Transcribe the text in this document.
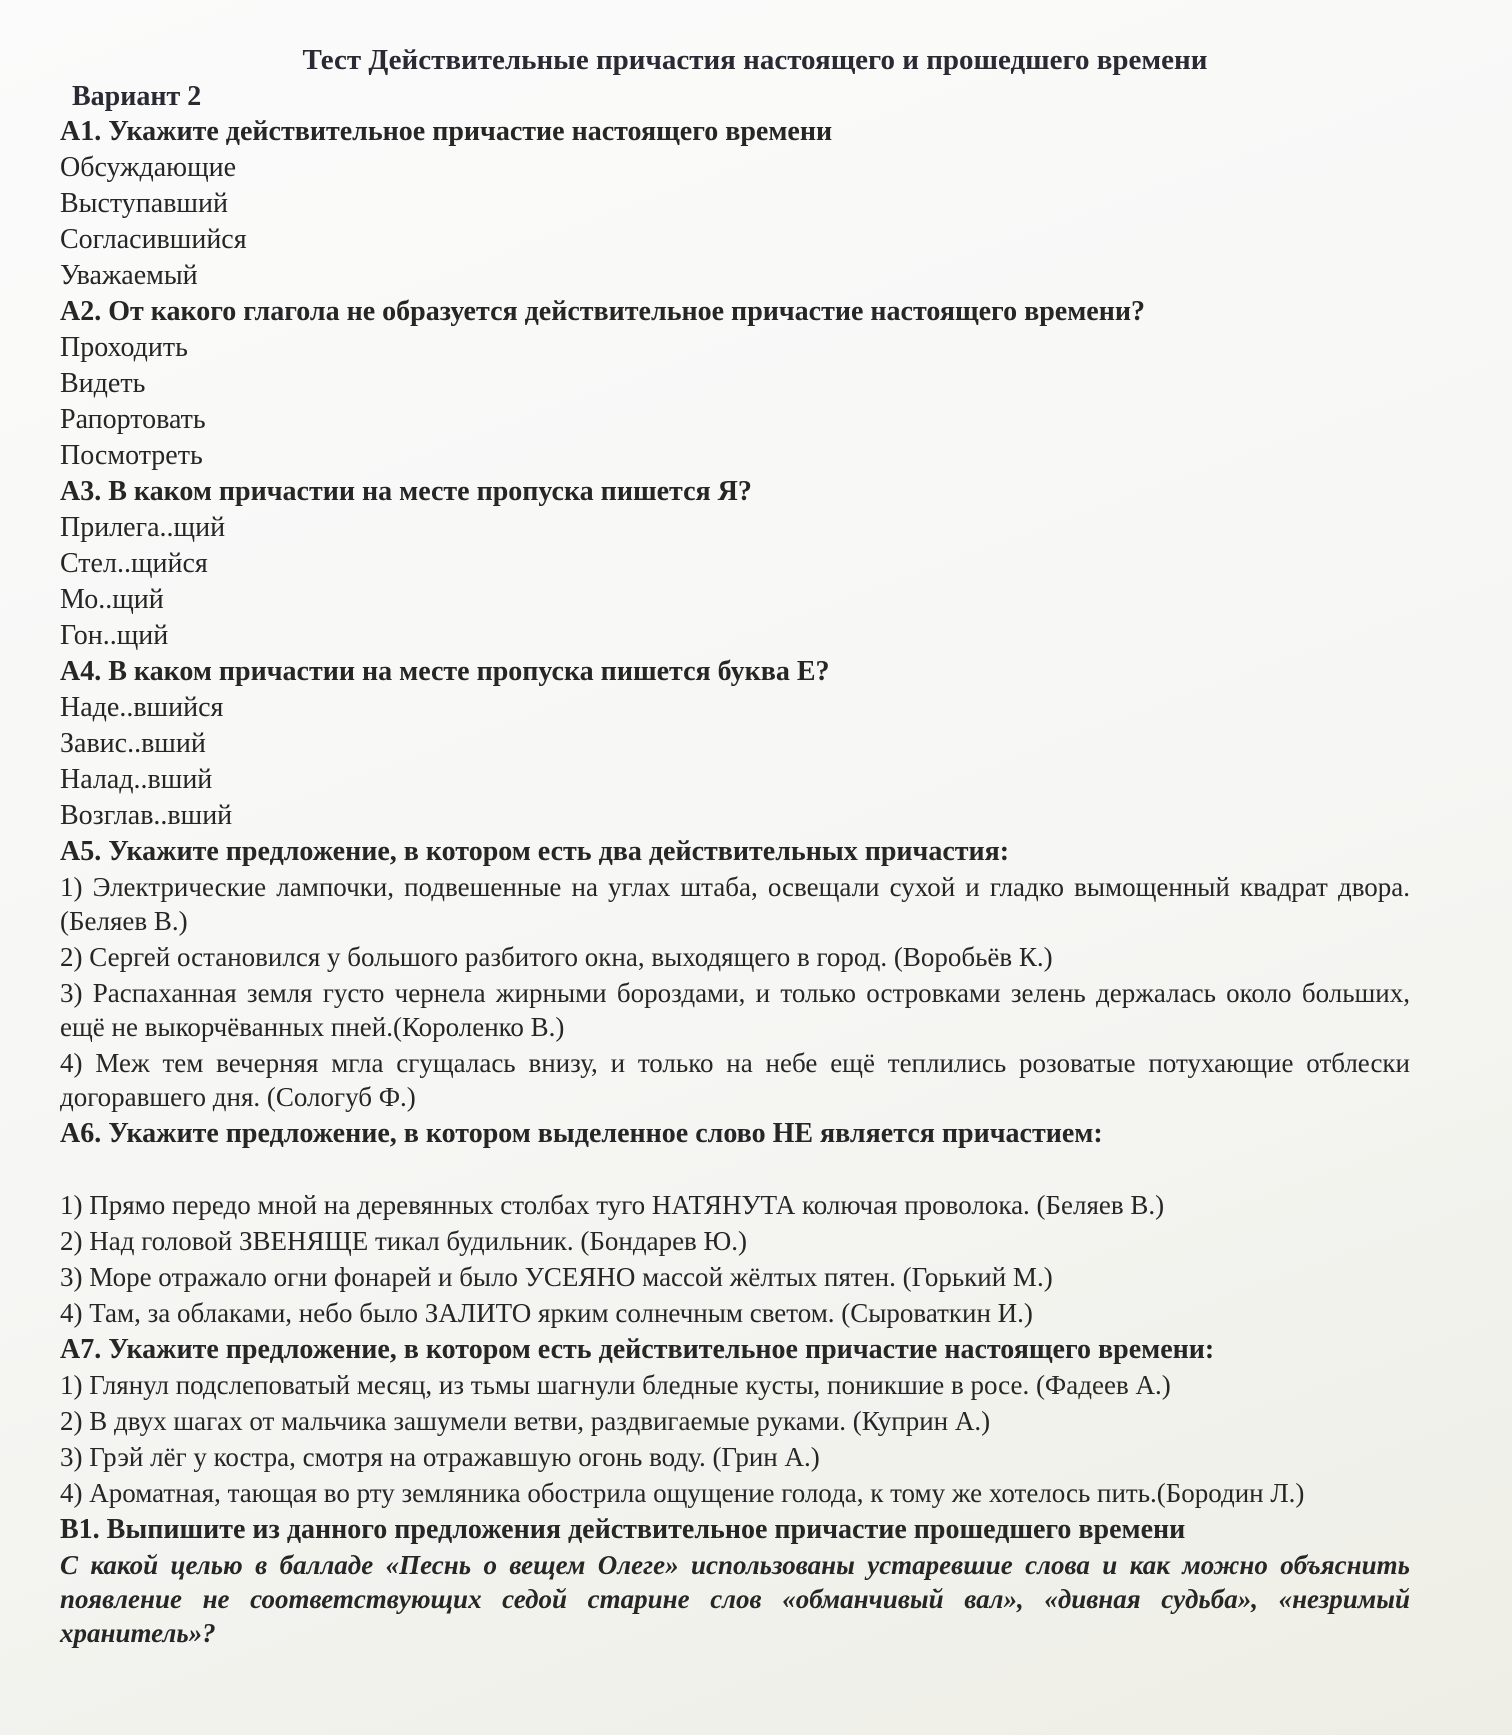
Тест Действительные причастия настоящего и прошедшего времени
Вариант 2
А1. Укажите действительное причастие настоящего времени
Обсуждающие
Выступавший
Согласившийся
Уважаемый
А2. От какого глагола не образуется действительное причастие настоящего времени?
Проходить
Видеть
Рапортовать
Посмотреть
А3. В каком причастии на месте пропуска пишется Я?
Прилега..щий
Стел..щийся
Мо..щий
Гон..щий
А4. В каком причастии на месте пропуска пишется буква Е?
Наде..вшийся
Завис..вший
Налад..вший
Возглав..вший
А5. Укажите предложение, в котором есть два действительных причастия:
1) Электрические лампочки, подвешенные на углах штаба, освещали сухой и гладко вымощенный квадрат двора. (Беляев В.)
2) Сергей остановился у большого разбитого окна, выходящего в город. (Воробьёв К.)
3) Распаханная земля густо чернела жирными бороздами, и только островками зелень держалась около больших, ещё не выкорчёванных пней.(Короленко В.)
4) Меж тем вечерняя мгла сгущалась внизу, и только на небе ещё теплились розоватые потухающие отблески догоравшего дня. (Сологуб Ф.)
А6. Укажите предложение, в котором выделенное слово НЕ является причастием:
1) Прямо передо мной на деревянных столбах туго НАТЯНУТА колючая проволока. (Беляев В.)
2) Над головой ЗВЕНЯЩЕ тикал будильник. (Бондарев Ю.)
3) Море отражало огни фонарей и было УСЕЯНО массой жёлтых пятен. (Горький М.)
4) Там, за облаками, небо было ЗАЛИТО ярким солнечным светом. (Сыроваткин И.)
А7. Укажите предложение, в котором есть действительное причастие настоящего времени:
1) Глянул подслеповатый месяц, из тьмы шагнули бледные кусты, поникшие в росе. (Фадеев А.)
2) В двух шагах от мальчика зашумели ветви, раздвигаемые руками. (Куприн А.)
3) Грэй лёг у костра, смотря на отражавшую огонь воду. (Грин А.)
4) Ароматная, тающая во рту земляника обострила ощущение голода, к тому же хотелось пить.(Бородин Л.)
В1. Выпишите из данного предложения действительное причастие прошедшего времени
С какой целью в балладе «Песнь о вещем Олеге» использованы устаревшие слова и как можно объяснить появление не соответствующих седой старине слов «обманчивый вал», «дивная судьба», «незримый хранитель»?
